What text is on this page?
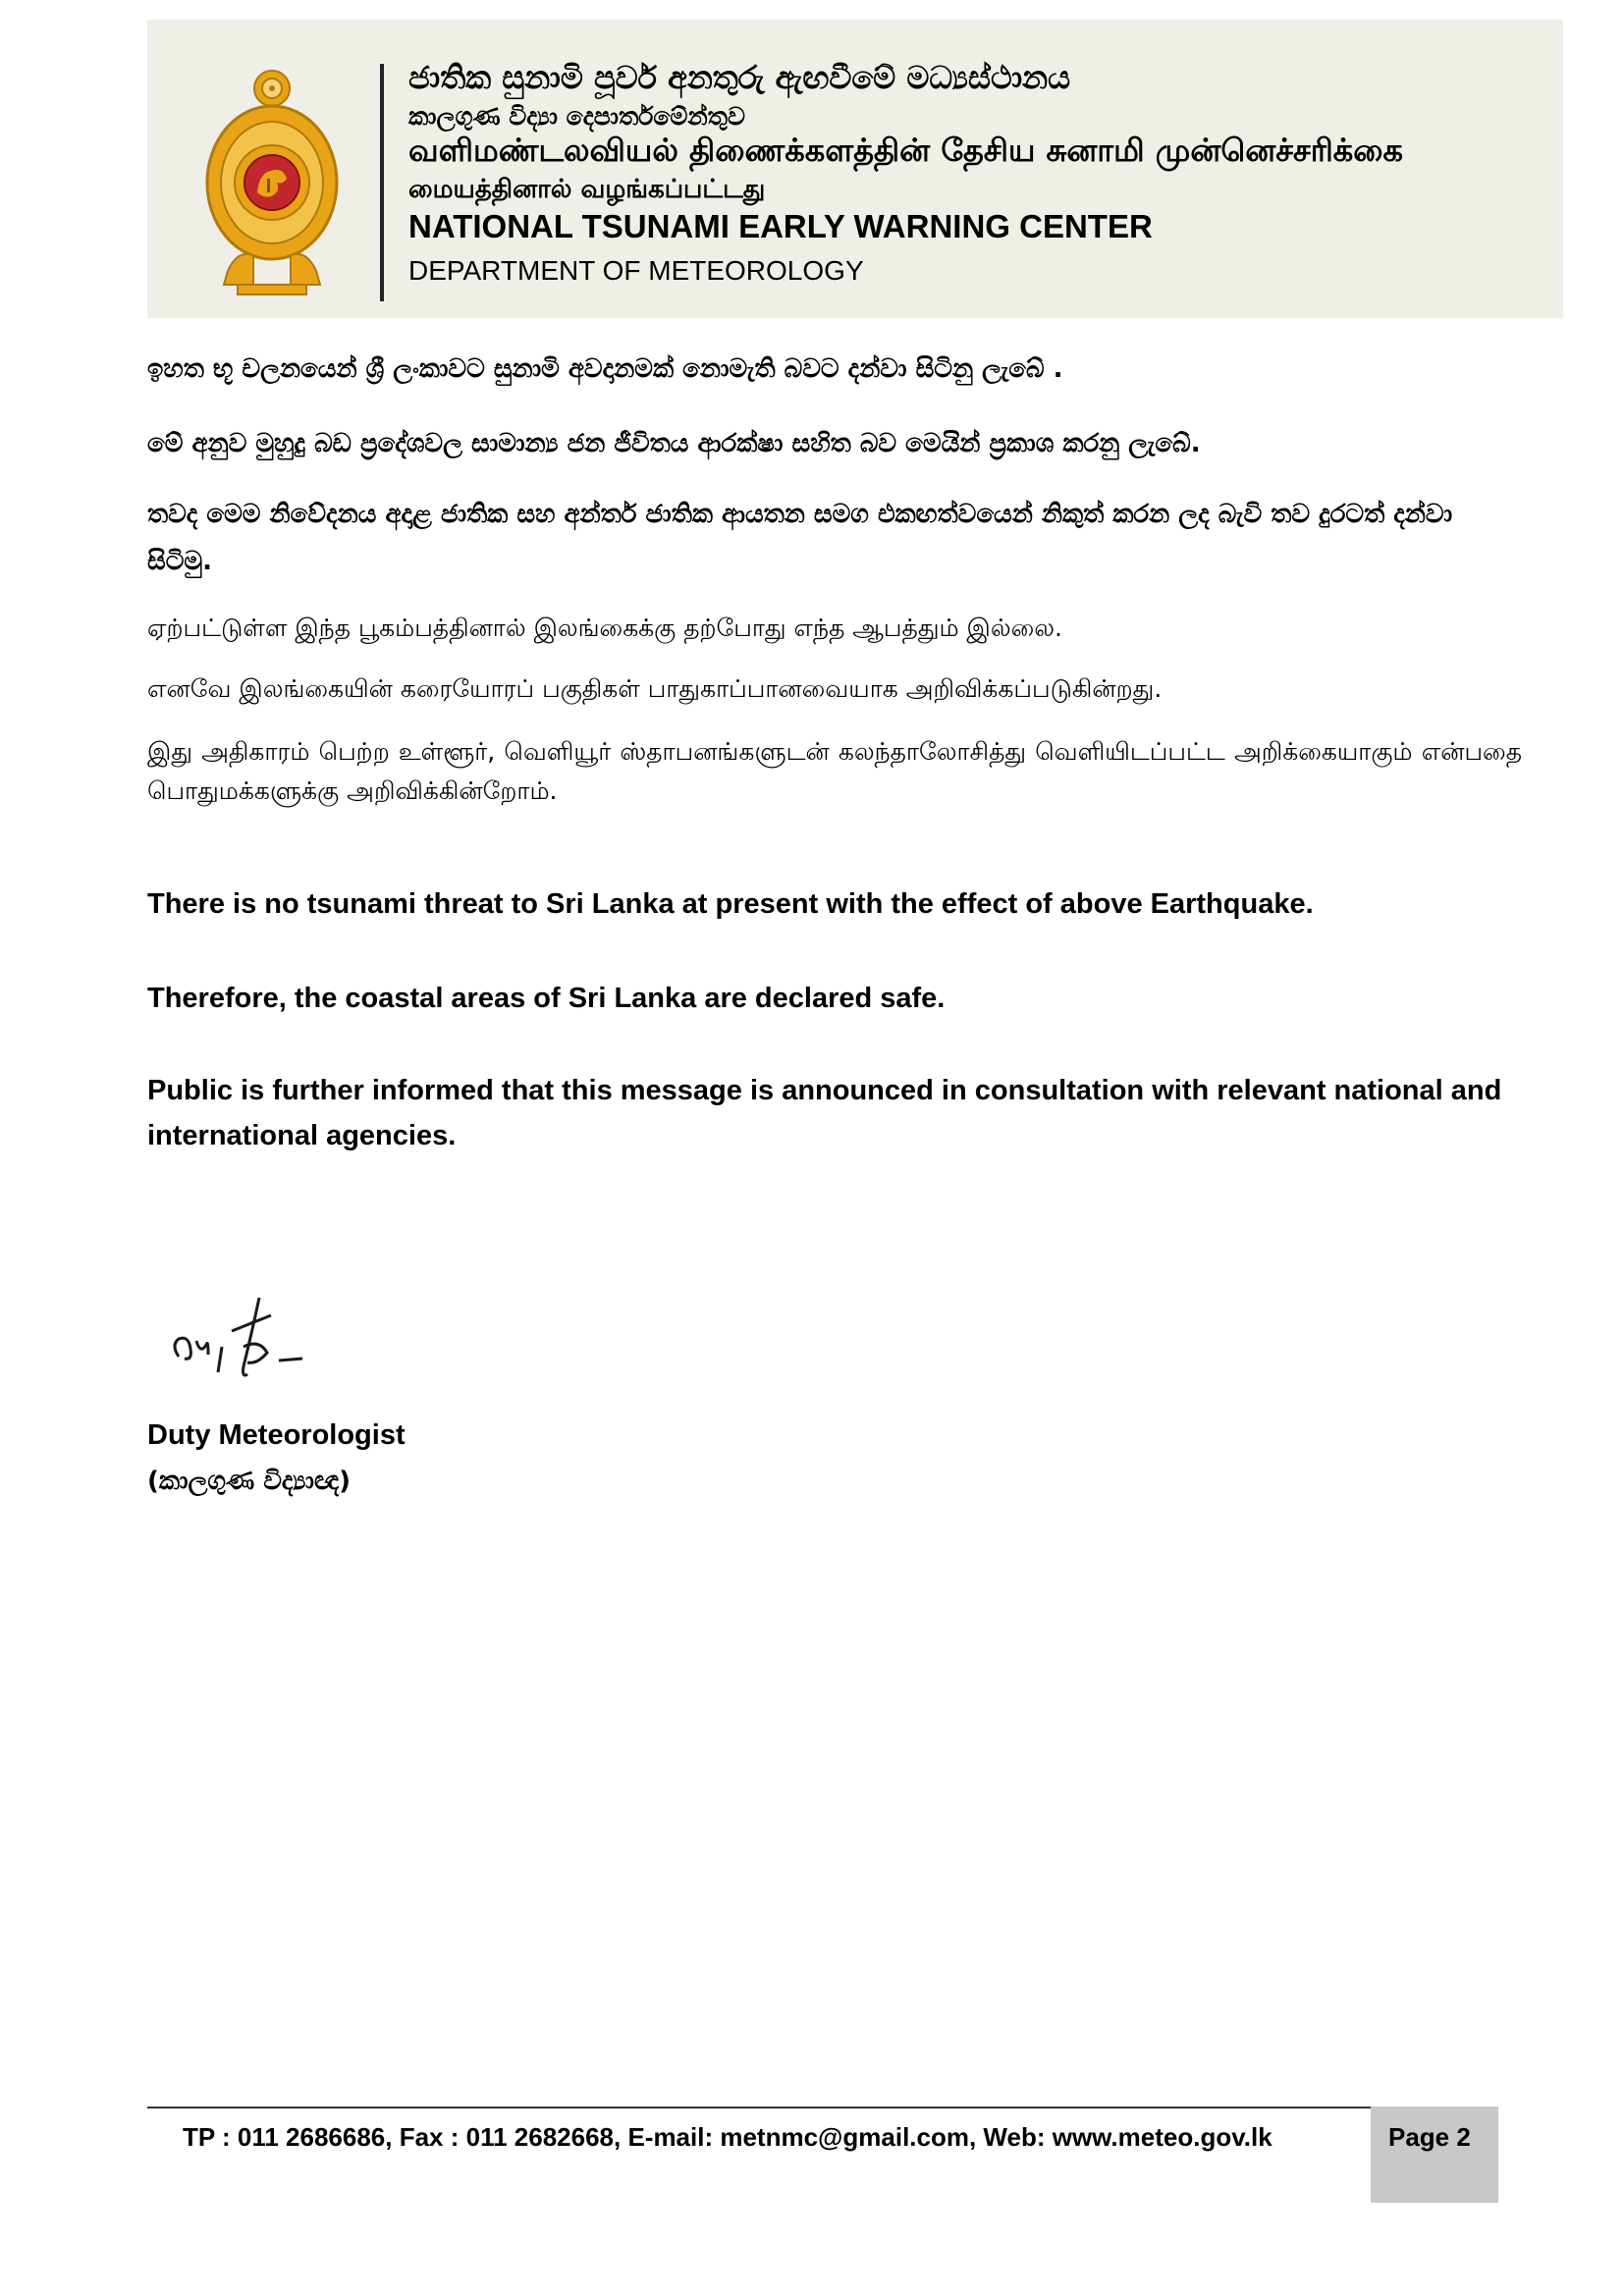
ජාතික සුනාමි පූර්ව අනතුරු ඇඟවීමේ මධ්‍යස්ථානය
කාලගුණ විද්‍යා දෙපාර්තමේන්තුව
வளிமண்டலவியல் திணைக்களத்தின் தேசிய சுனாமி முன்னெச்சரிக்கை
மையத்தினால் வழங்கப்பட்டது
NATIONAL TSUNAMI EARLY WARNING CENTER
DEPARTMENT OF METEOROLOGY
ඉහත භූ චලනයෙන් ශ්‍රී ලංකාවට සුනාමි අවදානමක් නොමැති බවට දන්වා සිටිනු ලැබේ .
මේ අනුව මුහුදු බඩ ප්‍රදේශවල සාමාන්‍ය ජන ජීවිතය ආරක්ෂා සහිත බව මෙයින් ප්‍රකාශ කරනු ලැබේ.
තවද මෙම නිවේදනය අදාළ ජාතික සහ අන්තර් ජාතික ආයතන සමග එකඟත්වයෙන් නිකුත් කරන ලද බැවි තව දුරටත් දන්වා සිටිමු.
ஏற்பட்டுள்ள இந்த பூகம்பத்தினால் இலங்கைக்கு தற்போது எந்த ஆபத்தும் இல்லை.
எனவே இலங்கையின் கரையோரப் பகுதிகள் பாதுகாப்பானவையாக அறிவிக்கப்படுகின்றது.
இது அதிகாரம் பெற்ற உள்ளூர், வெளியூர் ஸ்தாபனங்களுடன் கலந்தாலோசித்து வெளியிடப்பட்ட அறிக்கையாகும் என்பதை பொதுமக்களுக்கு அறிவிக்கின்றோம்.
There is no tsunami threat to Sri Lanka at present with the effect of above Earthquake.
Therefore, the coastal areas of Sri Lanka are declared safe.
Public is further informed that this message is announced in consultation with relevant national and international agencies.
Duty Meteorologist
(කාලගුණ විද්‍යාඥ)
TP : 011 2686686, Fax : 011 2682668, E-mail: metnmc@gmail.com, Web: www.meteo.gov.lk	Page 2
